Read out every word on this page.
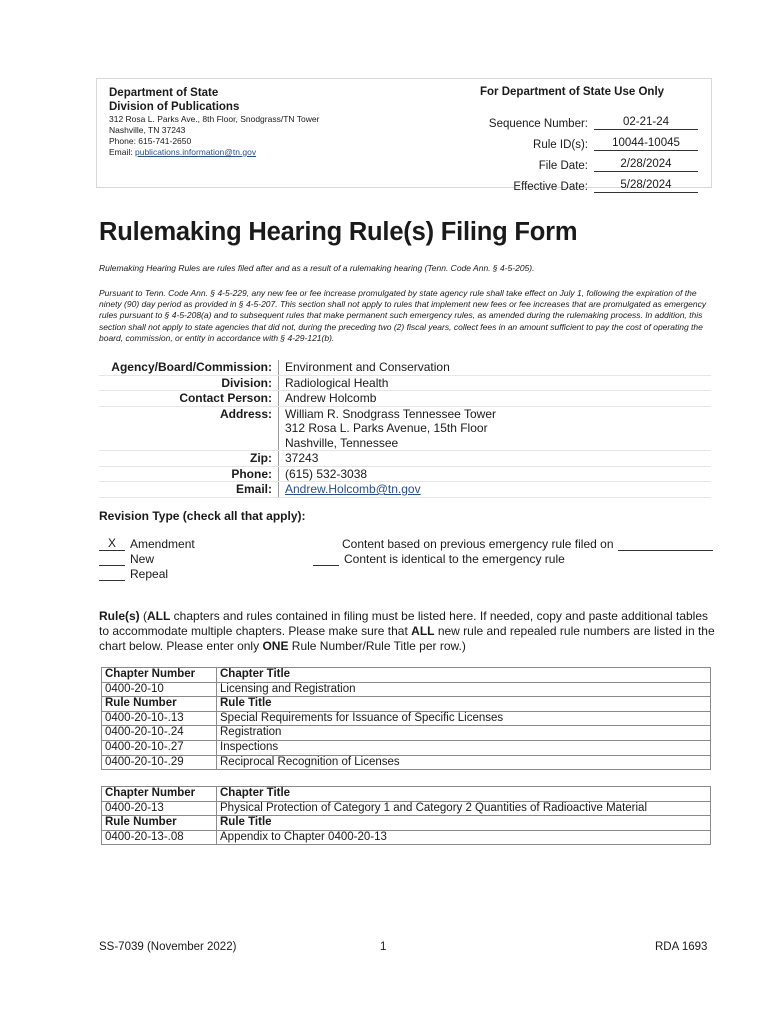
Department of State
Division of Publications
312 Rosa L. Parks Ave., 8th Floor, Snodgrass/TN Tower
Nashville, TN 37243
Phone: 615-741-2650
Email: publications.information@tn.gov
For Department of State Use Only
Sequence Number:	02-21-24
Rule ID(s):	10044-10045
File Date:	2/28/2024
Effective Date:	5/28/2024
Rulemaking Hearing Rule(s) Filing Form
Rulemaking Hearing Rules are rules filed after and as a result of a rulemaking hearing (Tenn. Code Ann. § 4-5-205).
Pursuant to Tenn. Code Ann. § 4-5-229, any new fee or fee increase promulgated by state agency rule shall take effect on July 1, following the expiration of the ninety (90) day period as provided in § 4-5-207. This section shall not apply to rules that implement new fees or fee increases that are promulgated as emergency rules pursuant to § 4-5-208(a) and to subsequent rules that make permanent such emergency rules, as amended during the rulemaking process. In addition, this section shall not apply to state agencies that did not, during the preceding two (2) fiscal years, collect fees in an amount sufficient to pay the cost of operating the board, commission, or entity in accordance with § 4-29-121(b).
Agency/Board/Commission:	Environment and Conservation
Division:	Radiological Health
Contact Person:	Andrew Holcomb
Address:	William R. Snodgrass Tennessee Tower
	312 Rosa L. Parks Avenue, 15th Floor
	Nashville, Tennessee
Zip:	37243
Phone:	(615) 532-3038
Email:	Andrew.Holcomb@tn.gov
Revision Type (check all that apply):
X	Amendment
New
Repeal
Content based on previous emergency rule filed on
Content is identical to the emergency rule
Rule(s) (ALL chapters and rules contained in filing must be listed here. If needed, copy and paste additional tables to accommodate multiple chapters. Please make sure that ALL new rule and repealed rule numbers are listed in the chart below. Please enter only ONE Rule Number/Rule Title per row.)
Chapter Number	Chapter Title
0400-20-10	Licensing and Registration
Rule Number	Rule Title
0400-20-10-.13	Special Requirements for Issuance of Specific Licenses
0400-20-10-.24	Registration
0400-20-10-.27	Inspections
0400-20-10-.29	Reciprocal Recognition of Licenses
Chapter Number	Chapter Title
0400-20-13	Physical Protection of Category 1 and Category 2 Quantities of Radioactive Material
Rule Number	Rule Title
0400-20-13-.08	Appendix to Chapter 0400-20-13
SS-7039 (November 2022)	1	RDA 1693
